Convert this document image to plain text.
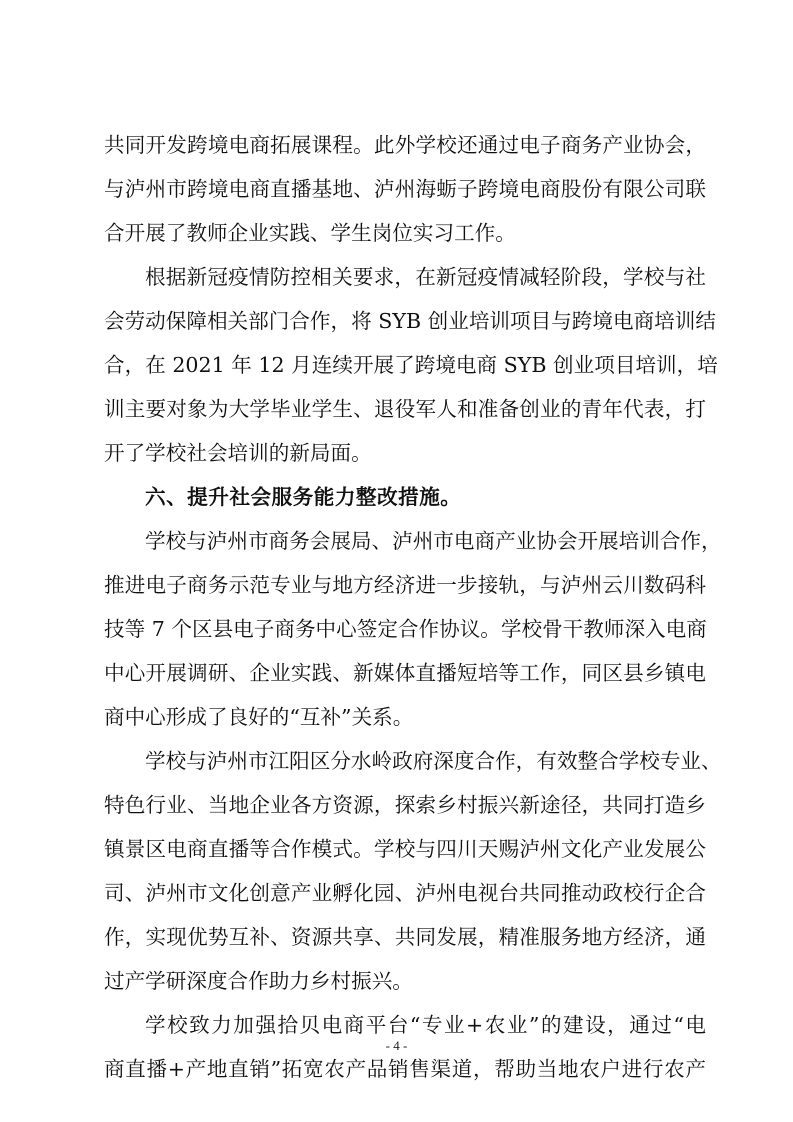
共同开发跨境电商拓展课程。此外学校还通过电子商务产业协会，
与泸州市跨境电商直播基地、泸州海蛎子跨境电商股份有限公司联
合开展了教师企业实践、学生岗位实习工作。
根据新冠疫情防控相关要求，在新冠疫情减轻阶段，学校与社
会劳动保障相关部门合作，将 SYB 创业培训项目与跨境电商培训结
合，在 2021 年 12 月连续开展了跨境电商 SYB 创业项目培训，培
训主要对象为大学毕业学生、退役军人和准备创业的青年代表，打
开了学校社会培训的新局面。
六、提升社会服务能力整改措施。
学校与泸州市商务会展局、泸州市电商产业协会开展培训合作，
推进电子商务示范专业与地方经济进一步接轨，与泸州云川数码科
技等 7 个区县电子商务中心签定合作协议。学校骨干教师深入电商
中心开展调研、企业实践、新媒体直播短培等工作，同区县乡镇电
商中心形成了良好的“互补”关系。
学校与泸州市江阳区分水岭政府深度合作，有效整合学校专业、
特色行业、当地企业各方资源，探索乡村振兴新途径，共同打造乡
镇景区电商直播等合作模式。学校与四川天赐泸州文化产业发展公
司、泸州市文化创意产业孵化园、泸州电视台共同推动政校行企合
作，实现优势互补、资源共享、共同发展，精准服务地方经济，通
过产学研深度合作助力乡村振兴。
学校致力加强拾贝电商平台“专业+农业”的建设，通过“电
商直播+产地直销”拓宽农产品销售渠道，帮助当地农户进行农产
- 4 -
